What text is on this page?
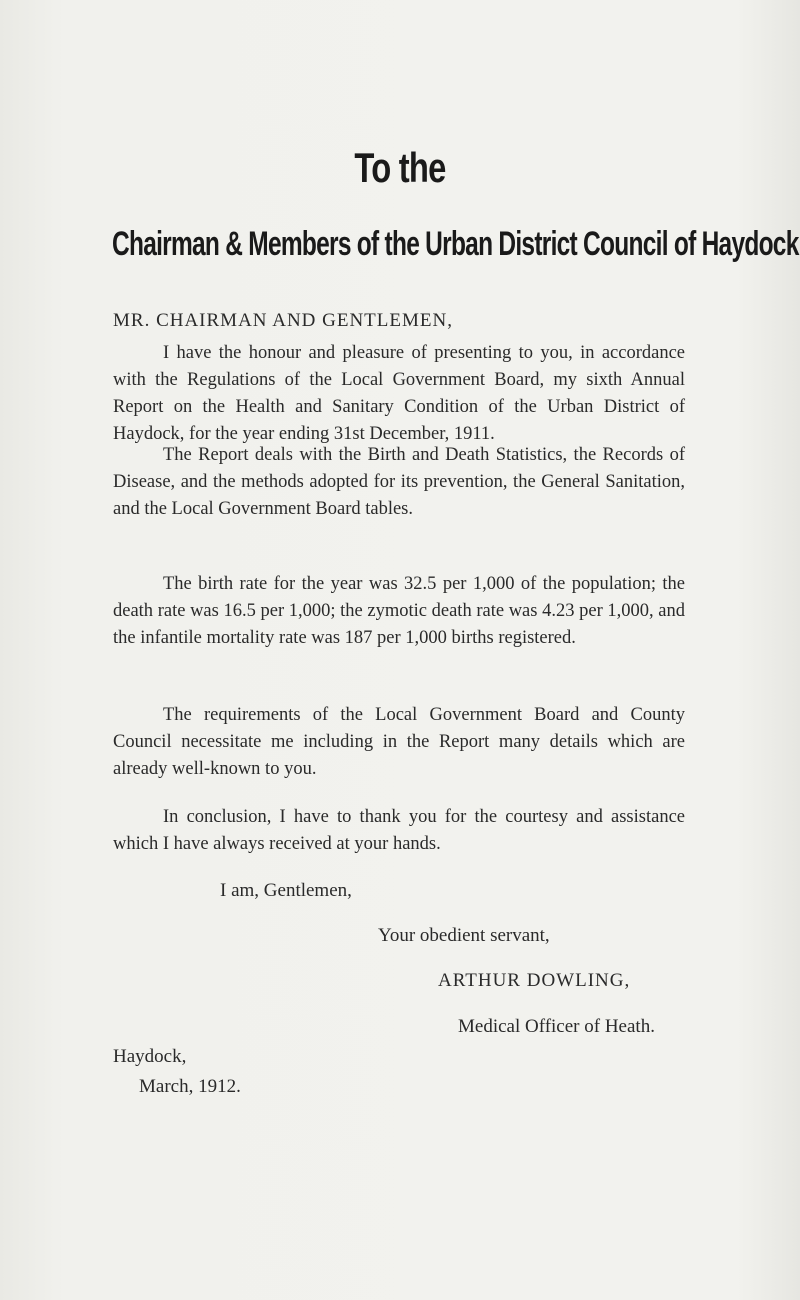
To the
Chairman & Members of the Urban District Council of Haydock
MR. CHAIRMAN AND GENTLEMEN,
I have the honour and pleasure of presenting to you, in accordance with the Regulations of the Local Government Board, my sixth Annual Report on the Health and Sanitary Condition of the Urban District of Haydock, for the year ending 31st December, 1911.
The Report deals with the Birth and Death Statistics, the Records of Disease, and the methods adopted for its prevention, the General Sanitation, and the Local Government Board tables.
The birth rate for the year was 32.5 per 1,000 of the population; the death rate was 16.5 per 1,000; the zymotic death rate was 4.23 per 1,000, and the infantile mortality rate was 187 per 1,000 births registered.
The requirements of the Local Government Board and County Council necessitate me including in the Report many details which are already well-known to you.
In conclusion, I have to thank you for the courtesy and assistance which I have always received at your hands.
I am, Gentlemen,
Your obedient servant,
ARTHUR DOWLING,
Medical Officer of Heath.
Haydock,
March, 1912.
